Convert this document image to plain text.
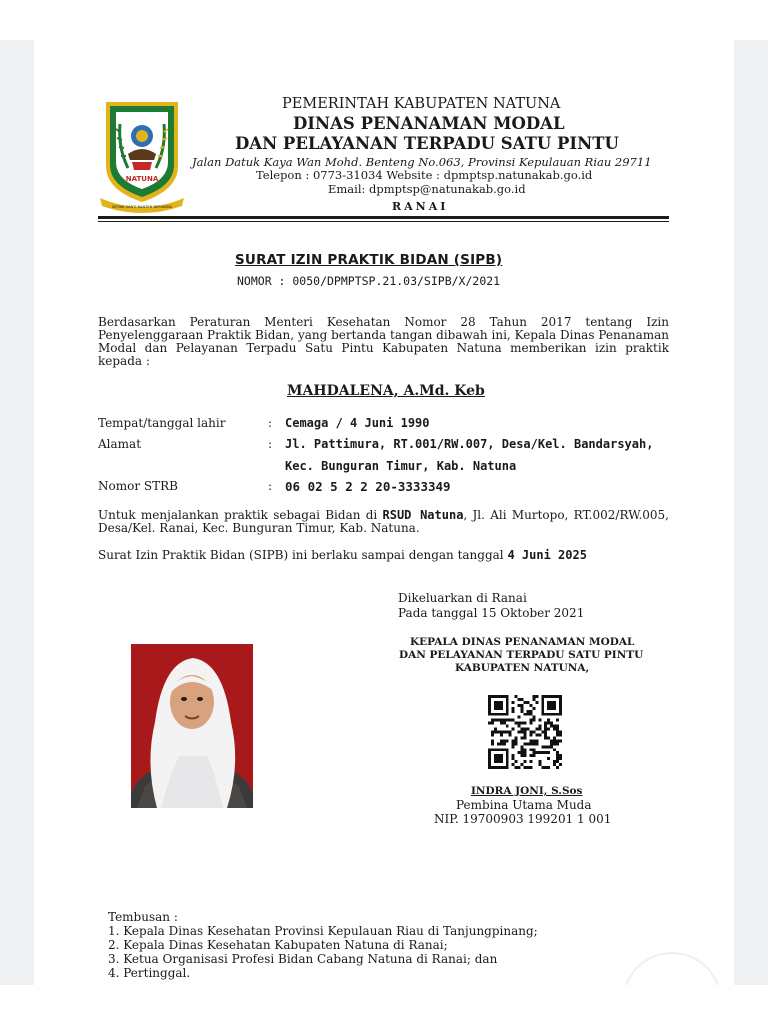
NATUNA
SEPIAK SANTI BANTEH BERSIAMA
PEMERINTAH KABUPATEN NATUNA
DINAS PENANAMAN MODAL
DAN PELAYANAN TERPADU SATU PINTU
Jalan Datuk Kaya Wan Mohd. Benteng No.063, Provinsi Kepulauan Riau 29711
Telepon : 0773-31034 Website : dpmptsp.natunakab.go.id
Email: dpmptsp@natunakab.go.id
RANAI
SURAT IZIN PRAKTIK BIDAN (SIPB)
NOMOR : 0050/DPMPTSP.21.03/SIPB/X/2021
Berdasarkan Peraturan Menteri Kesehatan Nomor 28 Tahun 2017 tentang Izin Penyelenggaraan Praktik Bidan, yang bertanda tangan dibawah ini, Kepala Dinas Penanaman Modal dan Pelayanan Terpadu Satu Pintu Kabupaten Natuna memberikan izin praktik kepada :
MAHDALENA, A.Md. Keb
Tempat/tanggal lahir	: Cemaga / 4 Juni 1990
Alamat	: Jl. Pattimura, RT.001/RW.007, Desa/Kel. Bandarsyah,
Kec. Bunguran Timur, Kab. Natuna
Nomor STRB	: 06 02 5 2 2 20-3333349
Untuk menjalankan praktik sebagai Bidan di RSUD Natuna, Jl. Ali Murtopo, RT.002/RW.005, Desa/Kel. Ranai, Kec. Bunguran Timur, Kab. Natuna.
Surat Izin Praktik Bidan (SIPB) ini berlaku sampai dengan tanggal 4 Juni 2025
Dikeluarkan di Ranai
Pada tanggal 15 Oktober 2021
KEPALA DINAS PENANAMAN MODAL
DAN PELAYANAN TERPADU SATU PINTU
KABUPATEN NATUNA,
INDRA JONI, S.Sos
Pembina Utama Muda
NIP. 19700903 199201 1 001
Tembusan :
1. Kepala Dinas Kesehatan Provinsi Kepulauan Riau di Tanjungpinang;
2. Kepala Dinas Kesehatan Kabupaten Natuna di Ranai;
3. Ketua Organisasi Profesi Bidan Cabang Natuna di Ranai; dan
4. Pertinggal.
